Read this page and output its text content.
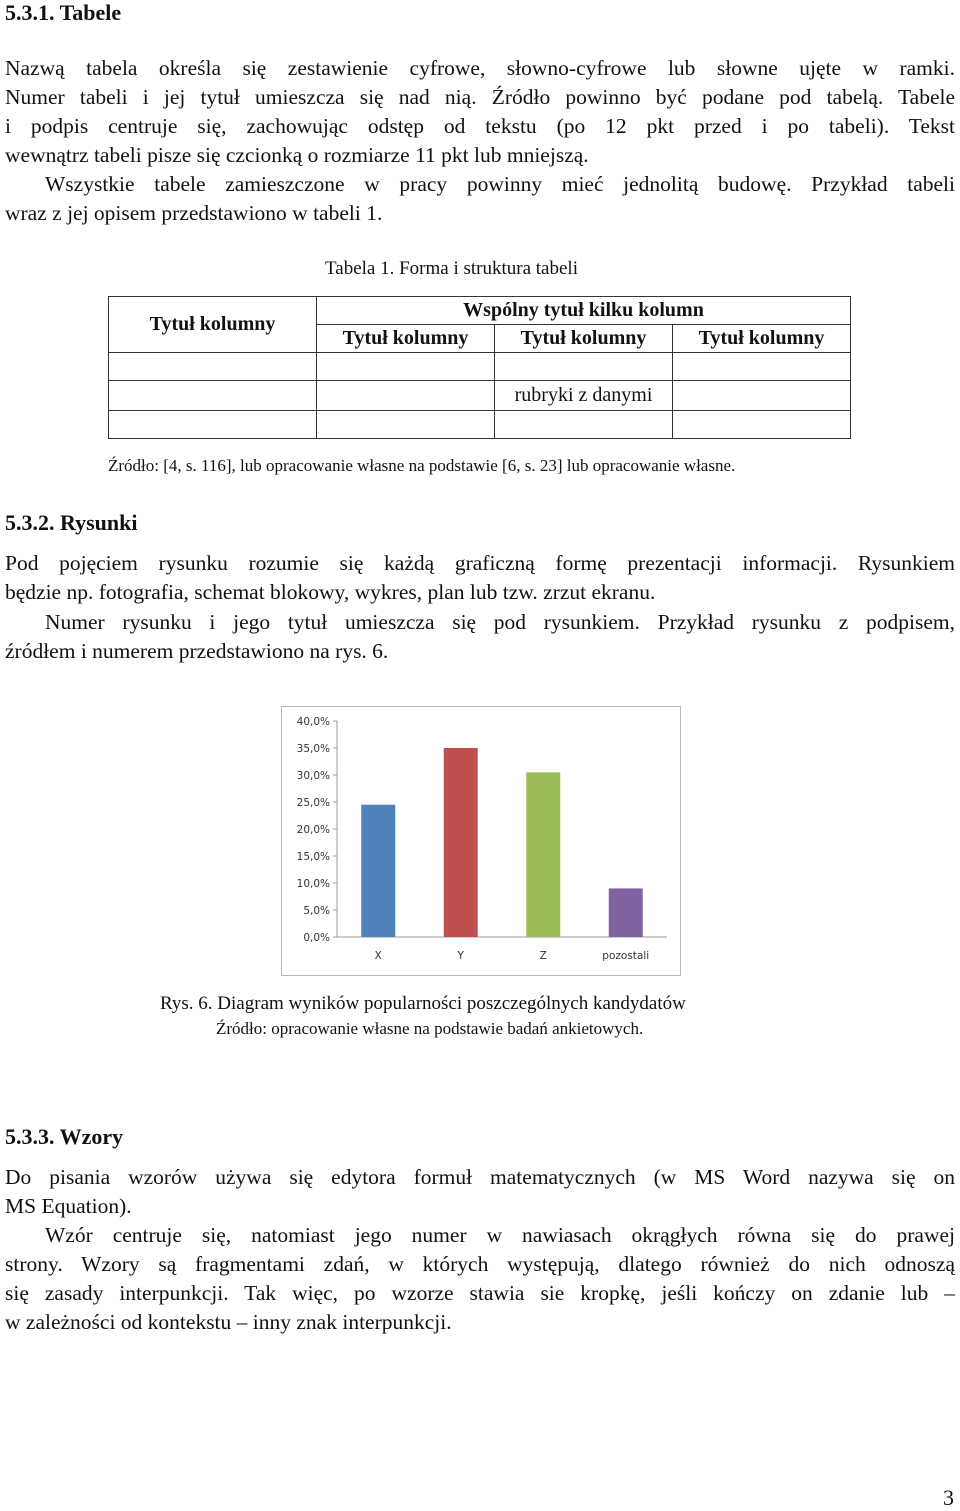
5.3.1. Tabele
Nazwą tabela określa się zestawienie cyfrowe, słowno-cyfrowe lub słowne ujęte w ramki.
Numer tabeli i jej tytuł umieszcza się nad nią. Źródło powinno być podane pod tabelą. Tabele
i podpis centruje się, zachowując odstęp od tekstu (po 12 pkt przed i po tabeli). Tekst
wewnątrz tabeli pisze się czcionką o rozmiarze 11 pkt lub mniejszą.
Wszystkie tabele zamieszczone w pracy powinny mieć jednolitą budowę. Przykład tabeli
wraz z jej opisem przedstawiono w tabeli 1.
Tabela 1. Forma i struktura tabeli
Tytuł kolumny	Wspólny tytuł kilku kolumn		
	Tytuł kolumny	Tytuł kolumny	Tytuł kolumny

		rubryki z danymi	

Źródło: [4, s. 116], lub opracowanie własne na podstawie [6, s. 23] lub opracowanie własne.
5.3.2. Rysunki
Pod pojęciem rysunku rozumie się każdą graficzną formę prezentacji informacji. Rysunkiem
będzie np. fotografia, schemat blokowy, wykres, plan lub tzw. zrzut ekranu.
Numer rysunku i jego tytuł umieszcza się pod rysunkiem. Przykład rysunku z podpisem,
źródłem i numerem przedstawiono na rys. 6.
0,0%
5,0%
10,0%
15,0%
20,0%
25,0%
30,0%
35,0%
40,0%
X	Y	Z	pozostali
Rys. 6. Diagram wyników popularności poszczególnych kandydatów
Źródło: opracowanie własne na podstawie badań ankietowych.
5.3.3. Wzory
Do pisania wzorów używa się edytora formuł matematycznych (w MS Word nazywa się on
MS Equation).
Wzór centruje się, natomiast jego numer w nawiasach okrągłych równa się do prawej
strony. Wzory są fragmentami zdań, w których występują, dlatego również do nich odnoszą
się zasady interpunkcji. Tak więc, po wzorze stawia sie kropkę, jeśli kończy on zdanie lub –
w zależności od kontekstu – inny znak interpunkcji.
3
